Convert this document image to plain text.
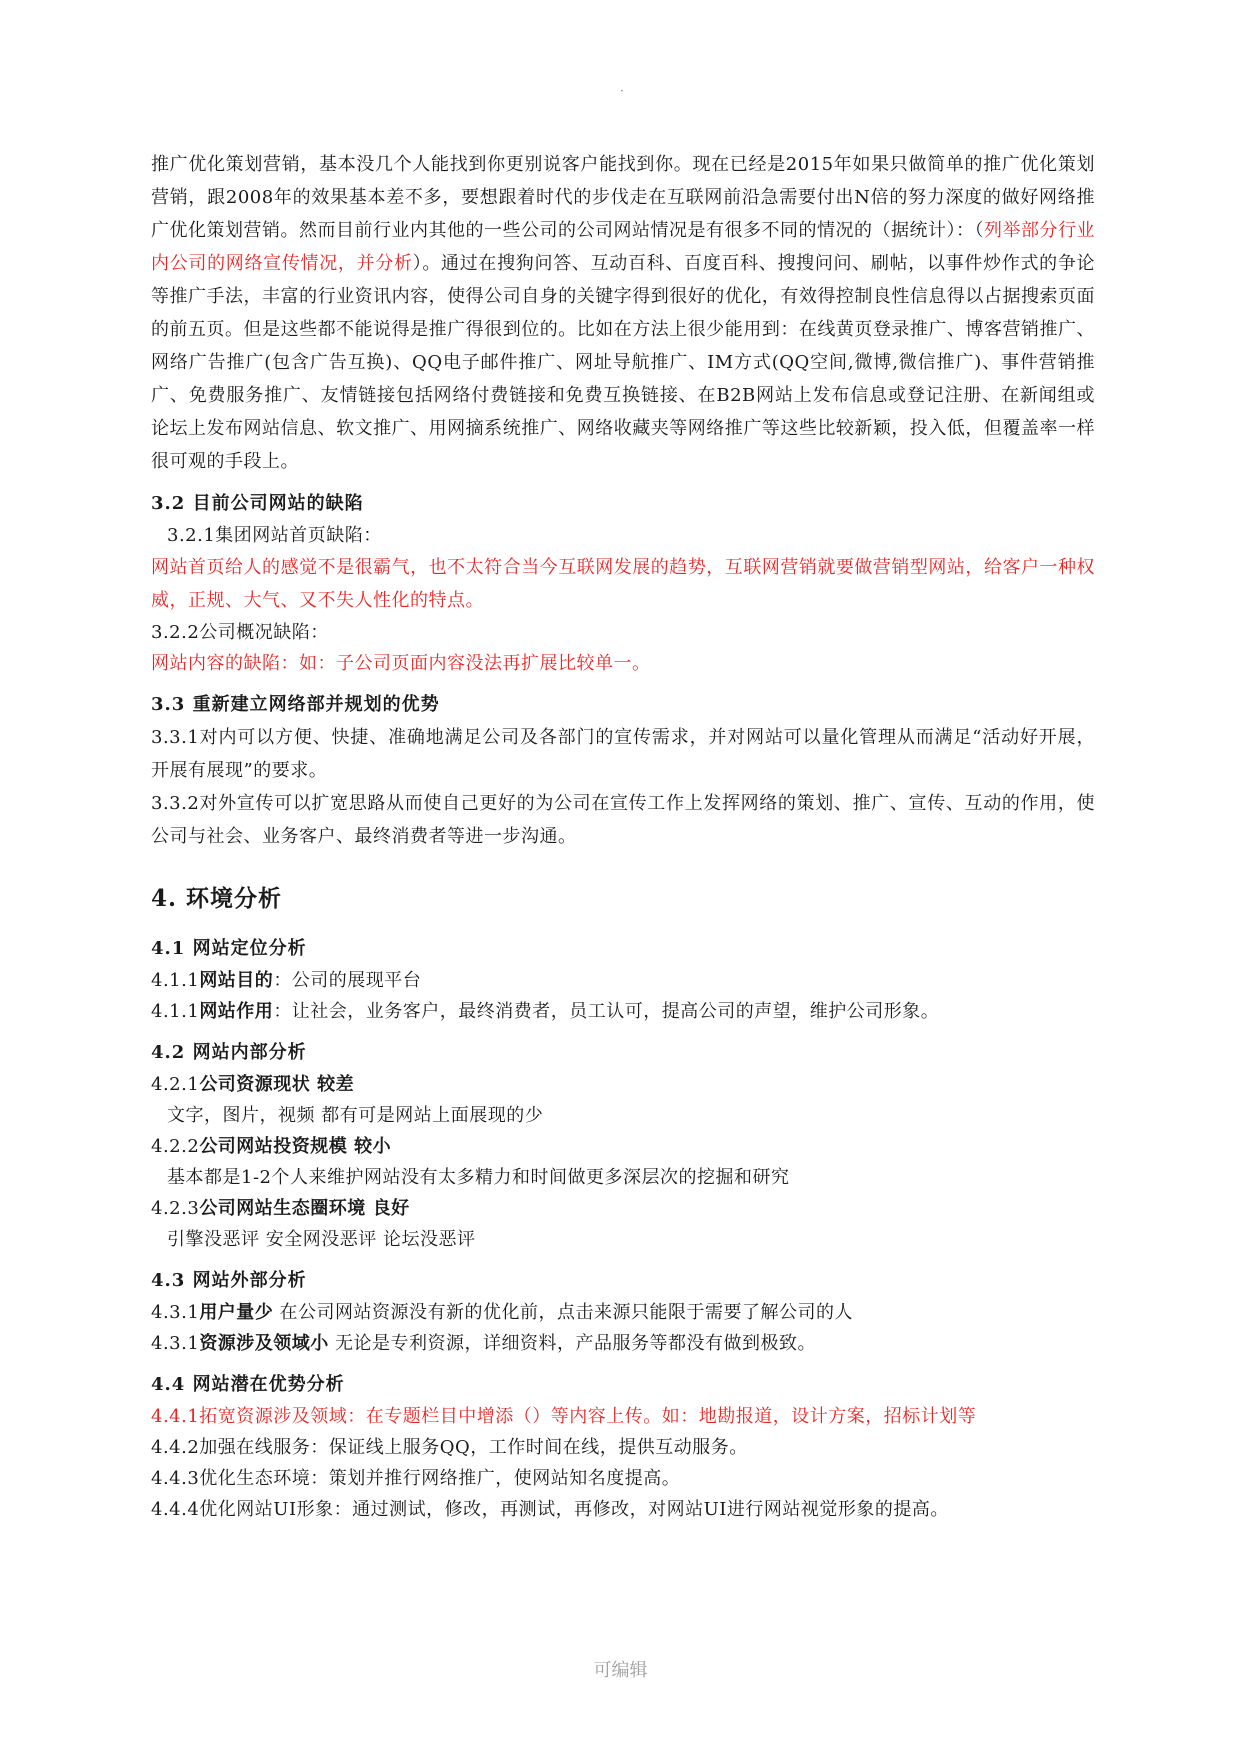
·

推广优化策划营销，基本没几个人能找到你更别说客户能找到你。现在已经是2015年如果只做简单的推广优化策划营销，跟2008年的效果基本差不多，要想跟着时代的步伐走在互联网前沿急需要付出N倍的努力深度的做好网络推广优化策划营销。然而目前行业内其他的一些公司的公司网站情况是有很多不同的情况的（据统计）：（列举部分行业内公司的网络宣传情况，并分析）。通过在搜狗问答、互动百科、百度百科、搜搜问问、刷帖，以事件炒作式的争论等推广手法，丰富的行业资讯内容，使得公司自身的关键字得到很好的优化，有效得控制良性信息得以占据搜索页面的前五页。但是这些都不能说得是推广得很到位的。比如在方法上很少能用到：在线黄页登录推广、博客营销推广、网络广告推广(包含广告互换)、QQ电子邮件推广、网址导航推广、IM方式(QQ空间,微博,微信推广)、事件营销推广、免费服务推广、友情链接包括网络付费链接和免费互换链接、在B2B网站上发布信息或登记注册、在新闻组或论坛上发布网站信息、软文推广、用网摘系统推广、网络收藏夹等网络推广等这些比较新颖，投入低，但覆盖率一样很可观的手段上。

3.2 目前公司网站的缺陷
3.2.1集团网站首页缺陷：

网站首页给人的感觉不是很霸气，也不太符合当今互联网发展的趋势，互联网营销就要做营销型网站，给客户一种权威，正规、大气、又不失人性化的特点。

3.2.2公司概况缺陷：
网站内容的缺陷：如：子公司页面内容没法再扩展比较单一。
3.3 重新建立网络部并规划的优势

3.3.1对内可以方便、快捷、准确地满足公司及各部门的宣传需求，并对网站可以量化管理从而满足“活动好开展，开展有展现”的要求。

3.3.2对外宣传可以扩宽思路从而使自己更好的为公司在宣传工作上发挥网络的策划、推广、宣传、互动的作用，使公司与社会、业务客户、最终消费者等进一步沟通。

4. 环境分析
4.1 网站定位分析
4.1.1网站目的：公司的展现平台
4.1.1网站作用：让社会，业务客户，最终消费者，员工认可，提高公司的声望，维护公司形象。
4.2 网站内部分析
4.2.1公司资源现状 较差
文字，图片，视频 都有可是网站上面展现的少
4.2.2公司网站投资规模 较小
基本都是1-2个人来维护网站没有太多精力和时间做更多深层次的挖掘和研究
4.2.3公司网站生态圈环境 良好
引擎没恶评 安全网没恶评 论坛没恶评
4.3 网站外部分析
4.3.1用户量少 在公司网站资源没有新的优化前，点击来源只能限于需要了解公司的人
4.3.1资源涉及领域小 无论是专利资源，详细资料，产品服务等都没有做到极致。
4.4 网站潜在优势分析
4.4.1拓宽资源涉及领域：在专题栏目中增添（）等内容上传。如：地勘报道，设计方案，招标计划等
4.4.2加强在线服务：保证线上服务QQ，工作时间在线，提供互动服务。
4.4.3优化生态环境：策划并推行网络推广，使网站知名度提高。
4.4.4优化网站UI形象：通过测试，修改，再测试，再修改，对网站UI进行网站视觉形象的提高。
可编辑
